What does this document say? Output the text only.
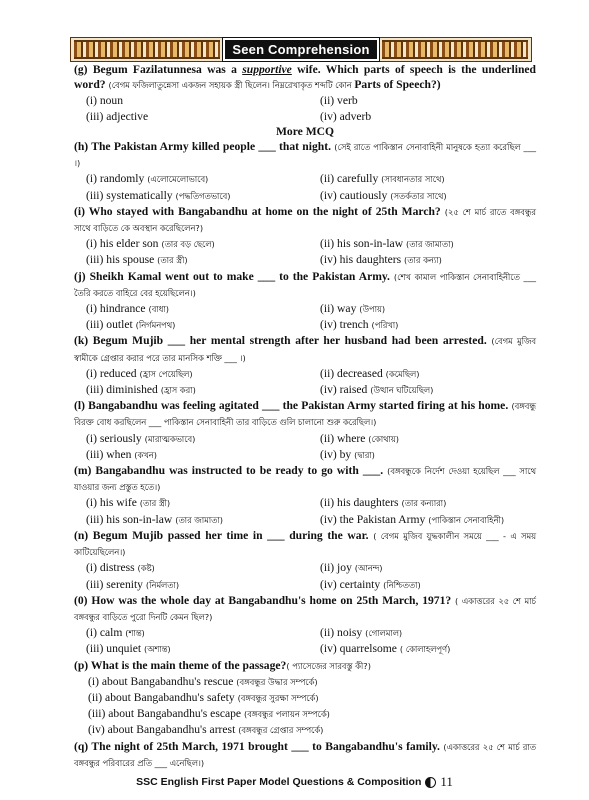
Seen Comprehension
(g) Begum Fazilatunnesa was a supportive wife. Which parts of speech is the underlined word? (বেগম ফজিলাতুন্নেসা একজন সহায়ক স্ত্রী ছিলেন। নিম্নরেখাকৃত শব্দটি কোন Parts of Speech?)
(i) noun	(ii) verb
(iii) adjective	(iv) adverb
More MCQ
(h) The Pakistan Army killed people ___ that night. (সেই রাতে পাকিস্তান সেনাবাহিনী মানুষকে হত্যা করেছিল ___ ।)
(i) randomly (এলোমেলোভাবে)	(ii) carefully (সাবধানতার সাথে)
(iii) systematically (পদ্ধতিগতভাবে)	(iv) cautiously (সতর্কতার সাথে)
(i) Who stayed with Bangabandhu at home on the night of 25th March? (২৫ শে মার্চ রাতে বঙ্গবন্ধুর সাথে বাড়িতে কে অবস্থান করেছিলেন?)
(i) his elder son (তার বড় ছেলে)	(ii) his son-in-law (তার জামাতা)
(iii) his spouse (তার স্ত্রী)	(iv) his daughters (তার কন্যা)
(j) Sheikh Kamal went out to make ___ to the Pakistan Army. (শেখ কামাল পাকিস্তান সেনাবাহিনীতে ___ তৈরি করতে বাহিরে বের হয়েছিলেন।)
(i) hindrance (বাধা)	(ii) way (উপায়)
(iii) outlet (নির্গমনপথ)	(iv) trench (পরিখা)
(k) Begum Mujib ___ her mental strength after her husband had been arrested. (বেগম মুজিব স্বামীকে গ্রেপ্তার করার পরে তার মানসিক শক্তি ___ ।)
(i) reduced (হ্রাস পেয়েছিল)	(ii) decreased (কমেছিল)
(iii) diminished (হ্রাস করা)	(iv) raised (উত্থান ঘটিয়েছিল)
(l) Bangabandhu was feeling agitated ___ the Pakistan Army started firing at his home. (বঙ্গবন্ধু বিরক্ত বোধ করছিলেন ___ পাকিস্তান সেনাবাহিনী তার বাড়িতে গুলি চালানো শুরু করেছিল।)
(i) seriously (মারাত্মকভাবে)	(ii) where (কোথায়)
(iii) when (কখন)	(iv) by (দ্বারা)
(m) Bangabandhu was instructed to be ready to go with ___. (বঙ্গবন্ধুকে নির্দেশ দেওয়া হয়েছিল ___ সাথে যাওয়ার জন্য প্রস্তুত হতে।)
(i) his wife (তার স্ত্রী)	(ii) his daughters (তার কন্যারা)
(iii) his son-in-law (তার জামাতা)	(iv) the Pakistan Army (পাকিস্তান সেনাবাহিনী)
(n) Begum Mujib passed her time in ___ during the war. ( বেগম মুজিব যুদ্ধকালীন সময়ে ___ - এ সময় কাটিয়েছিলেন।)
(i) distress (কষ্ট)	(ii) joy (আনন্দ)
(iii) serenity (নির্মলতা)	(iv) certainty (নিশ্চিততা)
(0) How was the whole day at Bangabandhu's home on 25th March, 1971? ( একাত্তরের ২৫ শে মার্চ বঙ্গবন্ধুর বাড়িতে পুরো দিনটি কেমন ছিল?)
(i) calm (শান্ত)	(ii) noisy (গোলমাল)
(iii) unquiet (অশান্ত)	(iv) quarrelsome ( কোলাহলপূর্ণ)
(p) What is the main theme of the passage?( প্যাসেজের সারবস্তু কী?)
(i) about Bangabandhu's rescue (বঙ্গবন্ধুর উদ্ধার সম্পর্কে)
(ii) about Bangabandhu's safety (বঙ্গবন্ধুর সুরক্ষা সম্পর্কে)
(iii) about Bangabandhu's escape (বঙ্গবন্ধুর পলায়ন সম্পর্কে)
(iv) about Bangabandhu's arrest (বঙ্গবন্ধুর গ্রেপ্তার সম্পর্কে)
(q) The night of 25th March, 1971 brought ___ to Bangabandhu's family. (একাত্তরের ২৫ শে মার্চ রাত বঙ্গবন্ধুর পরিবারের প্রতি ___ এনেছিল।)
SSC English First Paper Model Questions & Composition 11
